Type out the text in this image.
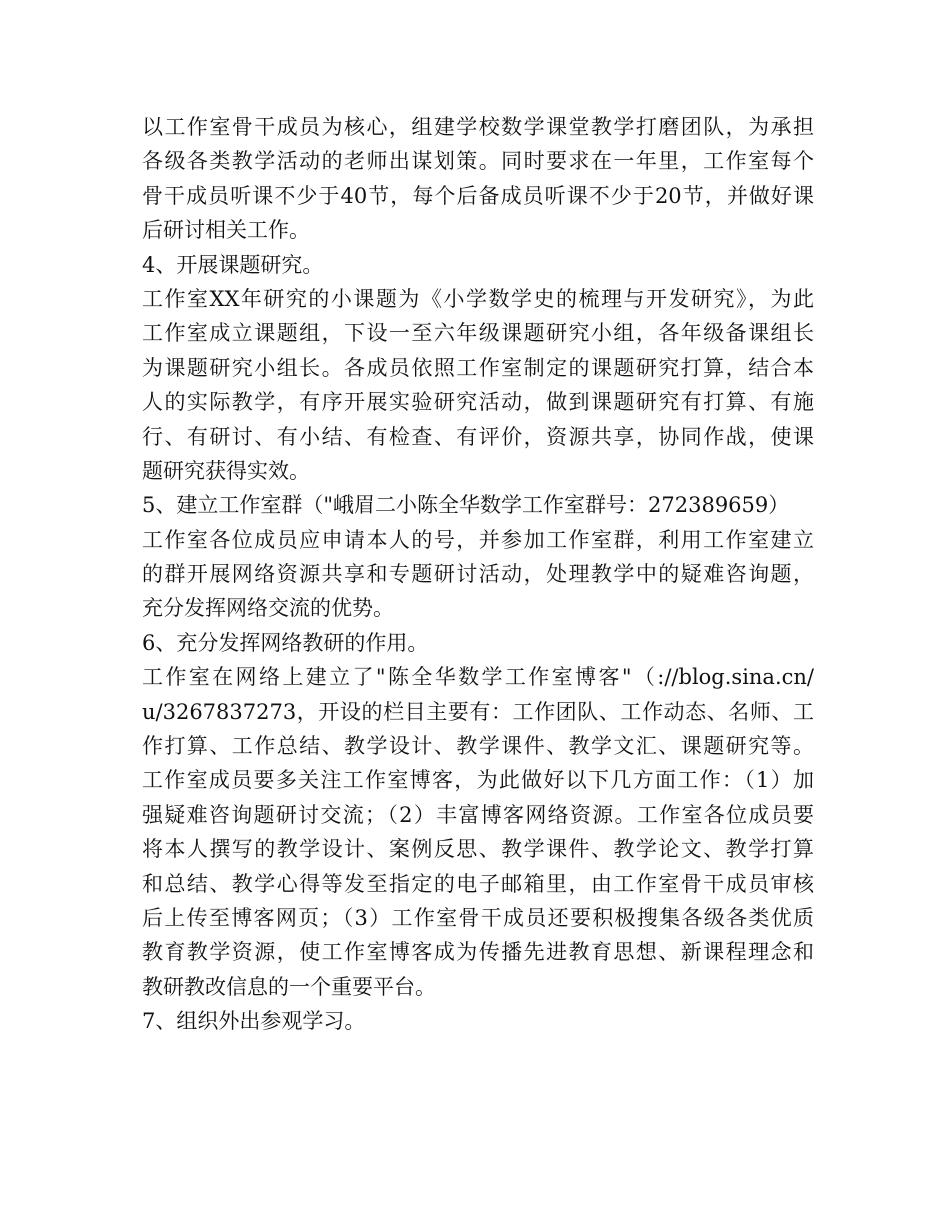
以工作室骨干成员为核心，组建学校数学课堂教学打磨团队，为承担
各级各类教学活动的老师出谋划策。同时要求在一年里，工作室每个
骨干成员听课不少于40节，每个后备成员听课不少于20节，并做好课
后研讨相关工作。
4、开展课题研究。
工作室XX年研究的小课题为《小学数学史的梳理与开发研究》，为此
工作室成立课题组，下设一至六年级课题研究小组，各年级备课组长
为课题研究小组长。各成员依照工作室制定的课题研究打算，结合本
人的实际教学，有序开展实验研究活动，做到课题研究有打算、有施
行、有研讨、有小结、有检查、有评价，资源共享，协同作战，使课
题研究获得实效。
5、建立工作室群（"峨眉二小陈全华数学工作室群号：272389659）
工作室各位成员应申请本人的号，并参加工作室群，利用工作室建立
的群开展网络资源共享和专题研讨活动，处理教学中的疑难咨询题，
充分发挥网络交流的优势。
6、充分发挥网络教研的作用。
工作室在网络上建立了"陈全华数学工作室博客"（://blog.sina.cn/
u/3267837273，开设的栏目主要有：工作团队、工作动态、名师、工
作打算、工作总结、教学设计、教学课件、教学文汇、课题研究等。
工作室成员要多关注工作室博客，为此做好以下几方面工作：（1）加
强疑难咨询题研讨交流；（2）丰富博客网络资源。工作室各位成员要
将本人撰写的教学设计、案例反思、教学课件、教学论文、教学打算
和总结、教学心得等发至指定的电子邮箱里，由工作室骨干成员审核
后上传至博客网页；（3）工作室骨干成员还要积极搜集各级各类优质
教育教学资源，使工作室博客成为传播先进教育思想、新课程理念和
教研教改信息的一个重要平台。
7、组织外出参观学习。
